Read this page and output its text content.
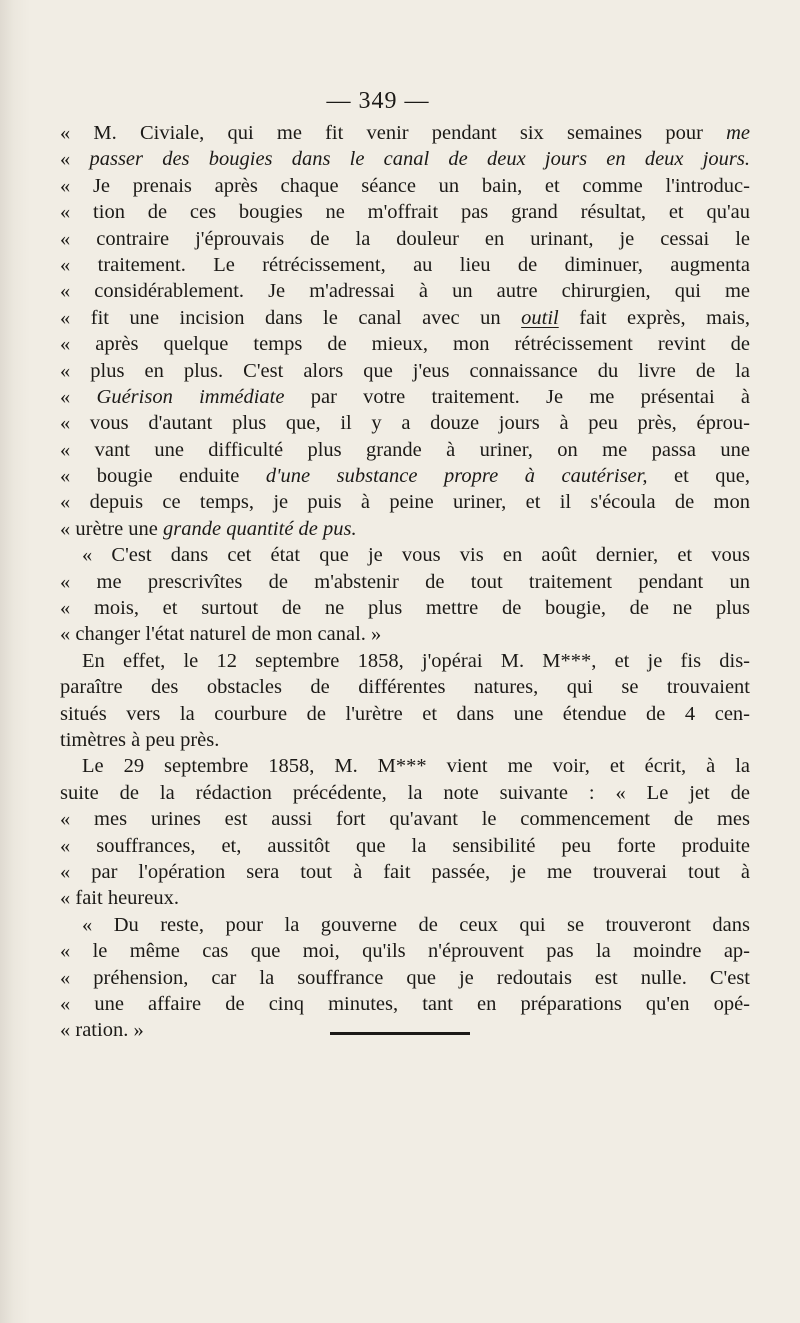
— 349 —
« M. Civiale, qui me fit venir pendant six semaines pour me
« passer des bougies dans le canal de deux jours en deux jours.
« Je prenais après chaque séance un bain, et comme l'introduc-
« tion de ces bougies ne m'offrait pas grand résultat, et qu'au
« contraire j'éprouvais de la douleur en urinant, je cessai le
« traitement. Le rétrécissement, au lieu de diminuer, augmenta
« considérablement. Je m'adressai à un autre chirurgien, qui me
« fit une incision dans le canal avec un outil fait exprès, mais,
« après quelque temps de mieux, mon rétrécissement revint de
« plus en plus. C'est alors que j'eus connaissance du livre de la
« Guérison immédiate par votre traitement. Je me présentai à
« vous d'autant plus que, il y a douze jours à peu près, éprou-
« vant une difficulté plus grande à uriner, on me passa une
« bougie enduite d'une substance propre à cautériser, et que,
« depuis ce temps, je puis à peine uriner, et il s'écoula de mon
« urètre une grande quantité de pus.
« C'est dans cet état que je vous vis en août dernier, et vous
« me prescrivîtes de m'abstenir de tout traitement pendant un
« mois, et surtout de ne plus mettre de bougie, de ne plus
« changer l'état naturel de mon canal. »
En effet, le 12 septembre 1858, j'opérai M. M***, et je fis dis-
paraître des obstacles de différentes natures, qui se trouvaient
situés vers la courbure de l'urètre et dans une étendue de 4 cen-
timètres à peu près.
Le 29 septembre 1858, M. M*** vient me voir, et écrit, à la
suite de la rédaction précédente, la note suivante : « Le jet de
« mes urines est aussi fort qu'avant le commencement de mes
« souffrances, et, aussitôt que la sensibilité peu forte produite
« par l'opération sera tout à fait passée, je me trouverai tout à
« fait heureux.
« Du reste, pour la gouverne de ceux qui se trouveront dans
« le même cas que moi, qu'ils n'éprouvent pas la moindre ap-
« préhension, car la souffrance que je redoutais est nulle. C'est
« une affaire de cinq minutes, tant en préparations qu'en opé-
« ration. »
